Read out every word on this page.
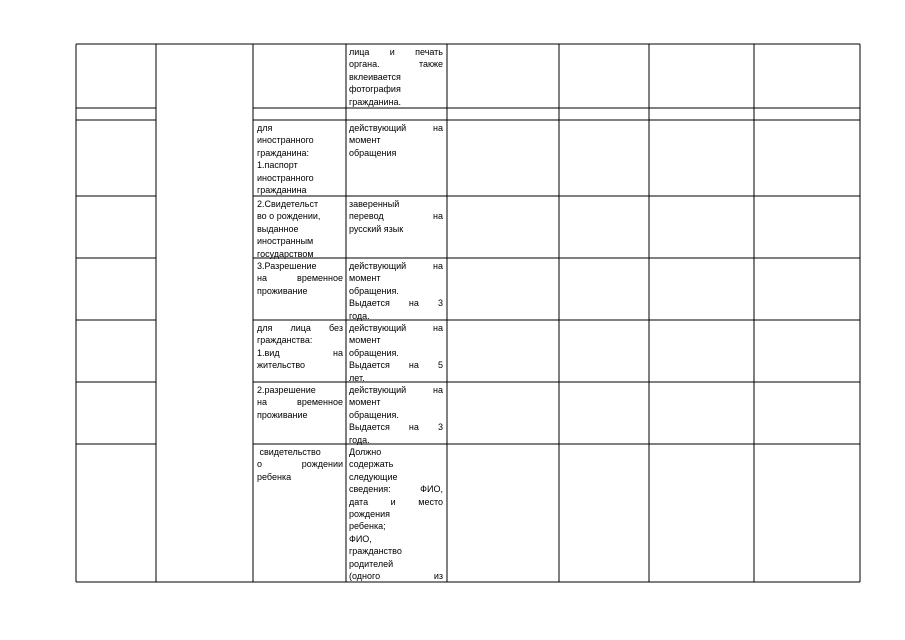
лица и печать
органа. также
вклеивается
фотография
гражданина.
для
иностранного
гражданина:
1.паспорт
иностранного
гражданина
действующий на
момент
обращения
2.Свидетельст
во о рождении,
выданное
иностранным
государством
заверенный
перевод на
русский язык
3.Разрешение
на временное
проживание
действующий на
момент
обращения.
Выдается на 3
года.
для лица без
гражданства:
1.вид на
жительство
действующий на
момент
обращения.
Выдается на 5
лет.
2.разрешение
на временное
проживание
действующий на
момент
обращения.
Выдается на 3
года.
свидетельство
о рождении
ребенка
Должно
содержать
следующие
сведения: ФИО,
дата и место
рождения
ребенка;
ФИО,
гражданство
родителей
(одного из
